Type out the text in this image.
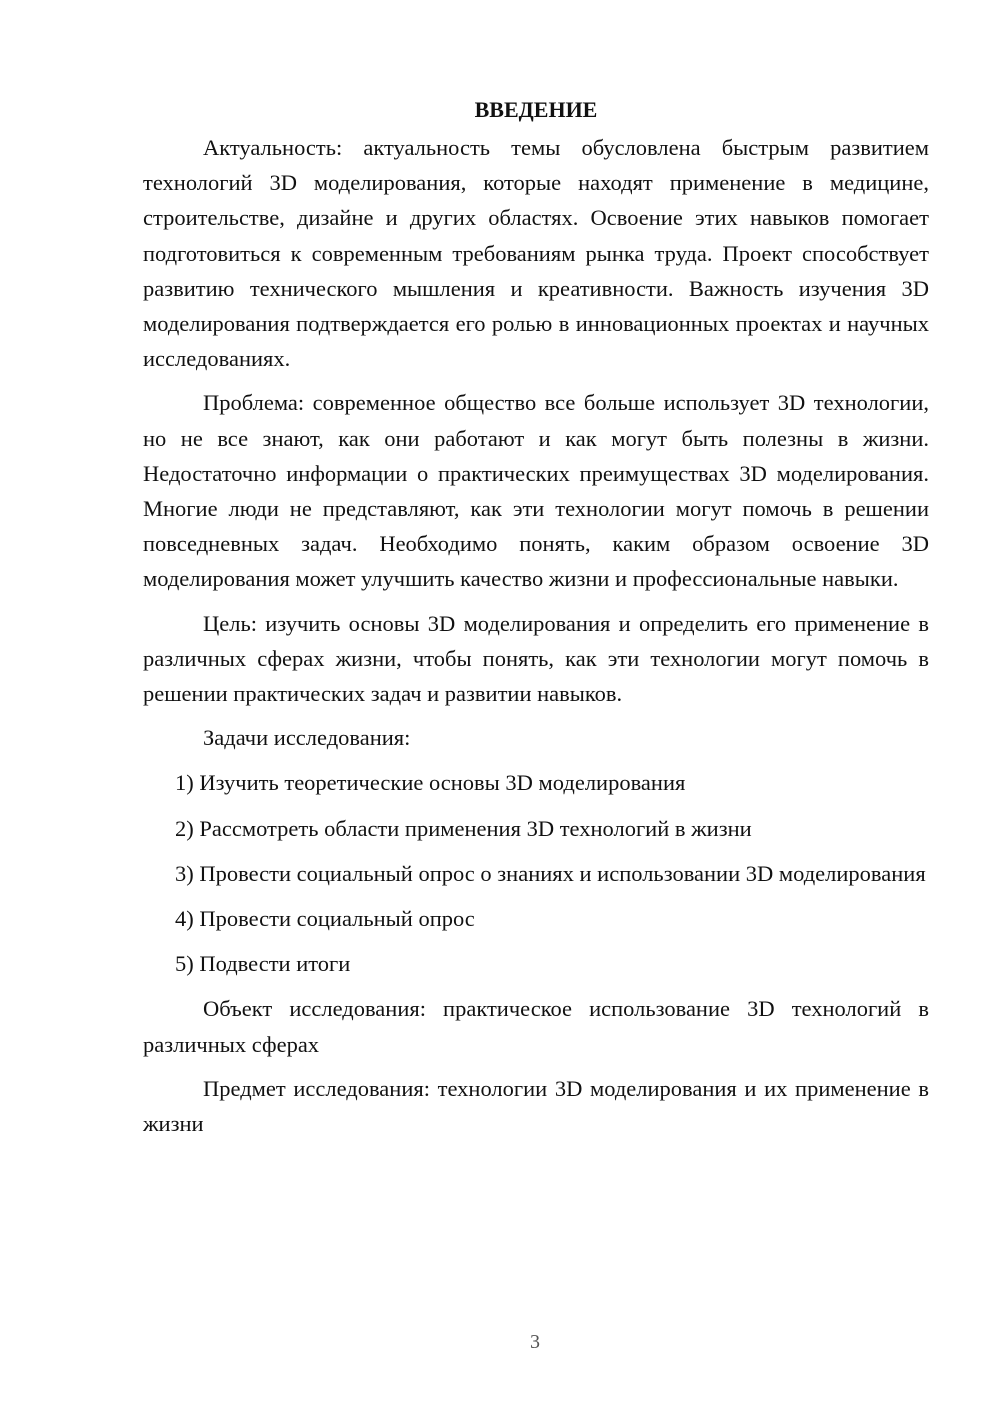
ВВЕДЕНИЕ
Актуальность: актуальность темы обусловлена быстрым развитием технологий 3D моделирования, которые находят применение в медицине, строительстве, дизайне и других областях. Освоение этих навыков помогает подготовиться к современным требованиям рынка труда. Проект способствует развитию технического мышления и креативности. Важность изучения 3D моделирования подтверждается его ролью в инновационных проектах и научных исследованиях.
Проблема: современное общество все больше использует 3D технологии, но не все знают, как они работают и как могут быть полезны в жизни. Недостаточно информации о практических преимуществах 3D моделирования. Многие люди не представляют, как эти технологии могут помочь в решении повседневных задач. Необходимо понять, каким образом освоение 3D моделирования может улучшить качество жизни и профессиональные навыки.
Цель: изучить основы 3D моделирования и определить его применение в различных сферах жизни, чтобы понять, как эти технологии могут помочь в решении практических задач и развитии навыков.
Задачи исследования:
1) Изучить теоретические основы 3D моделирования
2) Рассмотреть области применения 3D технологий в жизни
3) Провести социальный опрос о знаниях и использовании 3D моделирования
4) Провести социальный опрос
5) Подвести итоги
Объект исследования: практическое использование 3D технологий в различных сферах
Предмет исследования: технологии 3D моделирования и их применение в жизни
3
